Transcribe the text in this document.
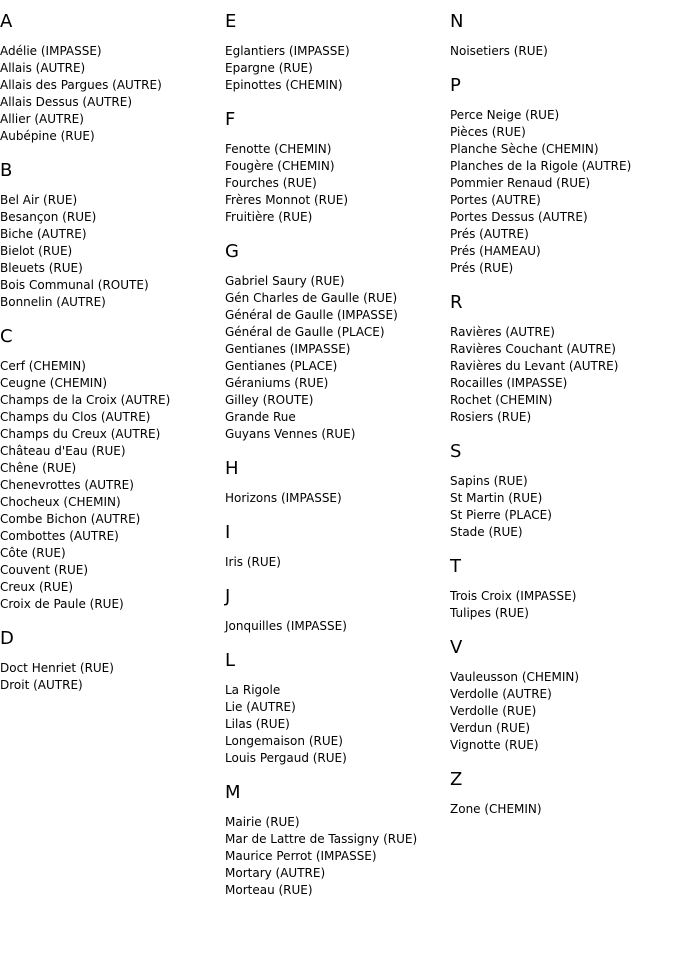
A
Adélie (IMPASSE)
Allais (AUTRE)
Allais des Pargues (AUTRE)
Allais Dessus (AUTRE)
Allier (AUTRE)
Aubépine (RUE)
B
Bel Air (RUE)
Besançon (RUE)
Biche (AUTRE)
Bielot (RUE)
Bleuets (RUE)
Bois Communal (ROUTE)
Bonnelin (AUTRE)
C
Cerf (CHEMIN)
Ceugne (CHEMIN)
Champs de la Croix (AUTRE)
Champs du Clos (AUTRE)
Champs du Creux (AUTRE)
Château d'Eau (RUE)
Chêne (RUE)
Chenevrottes (AUTRE)
Chocheux (CHEMIN)
Combe Bichon (AUTRE)
Combottes (AUTRE)
Côte (RUE)
Couvent (RUE)
Creux (RUE)
Croix de Paule (RUE)
D
Doct Henriet (RUE)
Droit (AUTRE)
E
Eglantiers (IMPASSE)
Epargne (RUE)
Epinottes (CHEMIN)
F
Fenotte (CHEMIN)
Fougère (CHEMIN)
Fourches (RUE)
Frères Monnot (RUE)
Fruitière (RUE)
G
Gabriel Saury (RUE)
Gén Charles de Gaulle (RUE)
Général de Gaulle (IMPASSE)
Général de Gaulle (PLACE)
Gentianes (IMPASSE)
Gentianes (PLACE)
Géraniums (RUE)
Gilley (ROUTE)
Grande Rue
Guyans Vennes (RUE)
H
Horizons (IMPASSE)
I
Iris (RUE)
J
Jonquilles (IMPASSE)
L
La Rigole
Lie (AUTRE)
Lilas (RUE)
Longemaison (RUE)
Louis Pergaud (RUE)
M
Mairie (RUE)
Mar de Lattre de Tassigny (RUE)
Maurice Perrot (IMPASSE)
Mortary (AUTRE)
Morteau (RUE)
N
Noisetiers (RUE)
P
Perce Neige (RUE)
Pièces (RUE)
Planche Sèche (CHEMIN)
Planches de la Rigole (AUTRE)
Pommier Renaud (RUE)
Portes (AUTRE)
Portes Dessus (AUTRE)
Prés (AUTRE)
Prés (HAMEAU)
Prés (RUE)
R
Ravières (AUTRE)
Ravières Couchant (AUTRE)
Ravières du Levant (AUTRE)
Rocailles (IMPASSE)
Rochet (CHEMIN)
Rosiers (RUE)
S
Sapins (RUE)
St Martin (RUE)
St Pierre (PLACE)
Stade (RUE)
T
Trois Croix (IMPASSE)
Tulipes (RUE)
V
Vauleusson (CHEMIN)
Verdolle (AUTRE)
Verdolle (RUE)
Verdun (RUE)
Vignotte (RUE)
Z
Zone (CHEMIN)
